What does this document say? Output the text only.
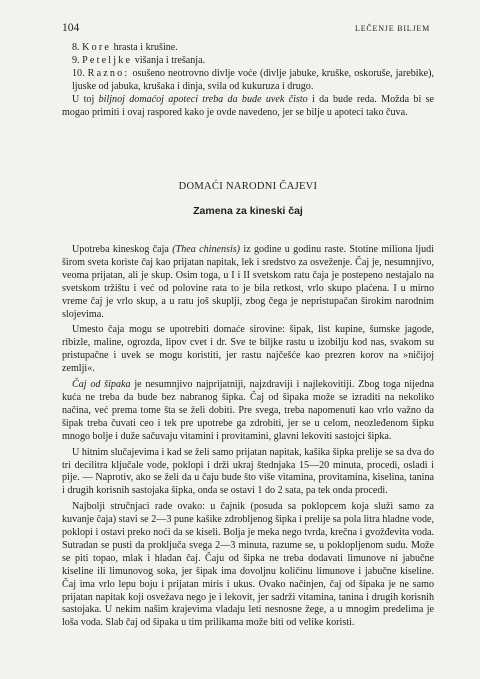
104	LEČENJE BILJEM

8. Kore hrasta i krušine.

9. Peteljke višanja i trešanja.

10. Razno: osušeno neotrovno divlje voće (divlje jabuke, kruške, oskoruše, jarebike), ljuske od jabuka, krušaka i dinja, svila od kukuruza i drugo.

U toj biljnoj domaćoj apoteci treba da bude uvek čisto i da bude reda. Možda bi se mogao primiti i ovaj raspored kako je ovde navedeno, jer se bilje u apoteci tako čuva.

DOMAĆI NARODNI ČAJEVI
Zamena za kineski čaj

Upotreba kineskog čaja (Thea chinensis) iz godine u godinu raste. Stotine miliona ljudi širom sveta koriste čaj kao prijatan napitak, lek i sredstvo za osveženje. Čaj je, nesumnjivo, veoma prijatan, ali je skup. Osim toga, u I i II svetskom ratu čaja je postepeno nestajalo na svetskom tržištu i već od polovine rata to je bila retkost, vrlo skupo plaćena. I u mirno vreme čaj je vrlo skup, a u ratu još skuplji, zbog čega je nepristupačan širokim narodnim slojevima.

Umesto čaja mogu se upotrebiti domaće sirovine: šipak, list kupine, šumske jagode, ribizle, maline, ogrozda, lipov cvet i dr. Sve te biljke rastu u izobilju kod nas, svakom su pristupačne i uvek se mogu koristiti, jer rastu najčešće kao prezren korov na »ničijoj zemlji«.

Čaj od šipaka je nesumnjivo najprijatniji, najzdraviji i najlekovitiji. Zbog toga nijedna kuća ne treba da bude bez nabranog šipka. Čaj od šipaka može se izraditi na nekoliko načina, već prema tome šta se želi dobiti. Pre svega, treba napomenuti kao vrlo važno da šipak treba čuvati ceo i tek pre upotrebe ga zdrobiti, jer se u celom, neozleđenom šipku mnogo bolje i duže sačuvaju vitamini i provitamini, glavni lekoviti sastojci šipka.

U hitnim slučajevima i kad se želi samo prijatan napitak, kašika šipka prelije se sa dva do tri decilitra ključale vode, poklopi i drži ukraj štednjaka 15—20 minuta, procedi, osladi i pije. — Naprotiv, ako se želi da u čaju bude što više vitamina, provitamina, kiselina, tanina i drugih korisnih sastojaka šipka, onda se ostavi 1 do 2 sata, pa tek onda procedi.

Najbolji stručnjaci rade ovako: u čajnik (posuda sa poklopcem koja služi samo za kuvanje čaja) stavi se 2—3 pune kašike zdrobljenog šipka i prelije sa pola litra hladne vode, poklopi i ostavi preko noći da se kiseli. Bolja je meka nego tvrda, krečna i gvožđevita voda. Sutradan se pusti da proključa svega 2—3 minuta, razume se, u poklopljenom sudu. Može se piti topao, mlak i hladan čaj. Čaju od šipka ne treba dodavati limunove ni jabučne kiseline ili limunovog soka, jer šipak ima dovoljnu količinu limunove i jabučne kiseline. Čaj ima vrlo lepu boju i prijatan miris i ukus. Ovako načinjen, čaj od šipaka je ne samo prijatan napitak koji osvežava nego je i lekovit, jer sadrži vitamina, tanina i drugih korisnih sastojaka. U nekim našim krajevima vladaju leti nesnosne žege, a u mnogim predelima je loša voda. Slab čaj od šipaka u tim prilikama može biti od velike koristi.
